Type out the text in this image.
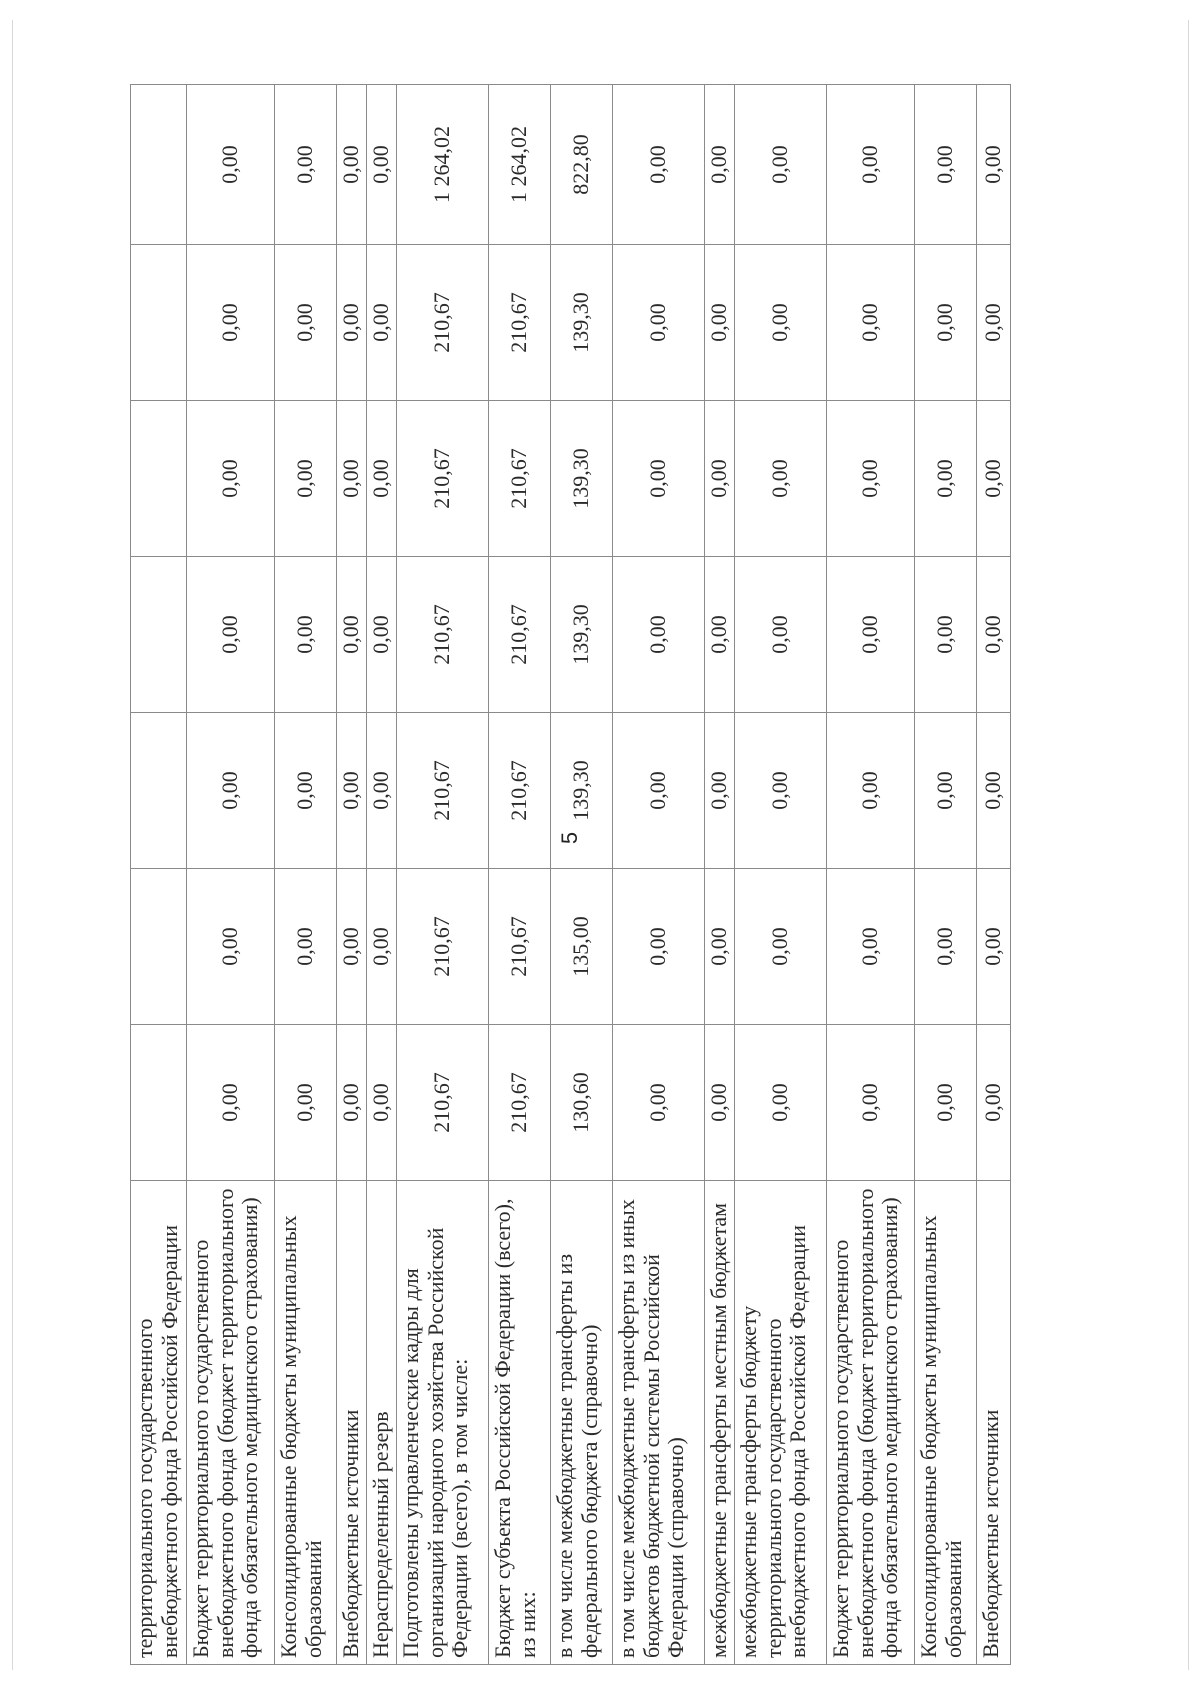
территориального государственного внебюджетного фонда Российской Федерации							
Бюджет территориального государственного внебюджетного фонда (бюджет территориального фонда обязательного медицинского страхования)	0,00	0,00	0,00	0,00	0,00	0,00	0,00
Консолидированные бюджеты муниципальных образований	0,00	0,00	0,00	0,00	0,00	0,00	0,00
Внебюджетные источники	0,00	0,00	0,00	0,00	0,00	0,00	0,00
Нераспределенный резерв	0,00	0,00	0,00	0,00	0,00	0,00	0,00
Подготовлены управленческие кадры для организаций народного хозяйства Российской Федерации (всего), в том числе:	210,67	210,67	210,67	210,67	210,67	210,67	1 264,02
Бюджет субъекта Российской Федерации (всего), из них:	210,67	210,67	210,67	210,67	210,67	210,67	1 264,02
в том числе межбюджетные трансферты из федерального бюджета (справочно)	130,60	135,00	139,30	139,30	139,30	139,30	822,80
в том числе межбюджетные трансферты из иных бюджетов бюджетной системы Российской Федерации (справочно)	0,00	0,00	0,00	0,00	0,00	0,00	0,00
межбюджетные трансферты местным бюджетам	0,00	0,00	0,00	0,00	0,00	0,00	0,00
межбюджетные трансферты бюджету территориального государственного внебюджетного фонда Российской Федерации	0,00	0,00	0,00	0,00	0,00	0,00	0,00
Бюджет территориального государственного внебюджетного фонда (бюджет территориального фонда обязательного медицинского страхования)	0,00	0,00	0,00	0,00	0,00	0,00	0,00
Консолидированные бюджеты муниципальных образований	0,00	0,00	0,00	0,00	0,00	0,00	0,00
Внебюджетные источники	0,00	0,00	0,00	0,00	0,00	0,00	0,00
5
